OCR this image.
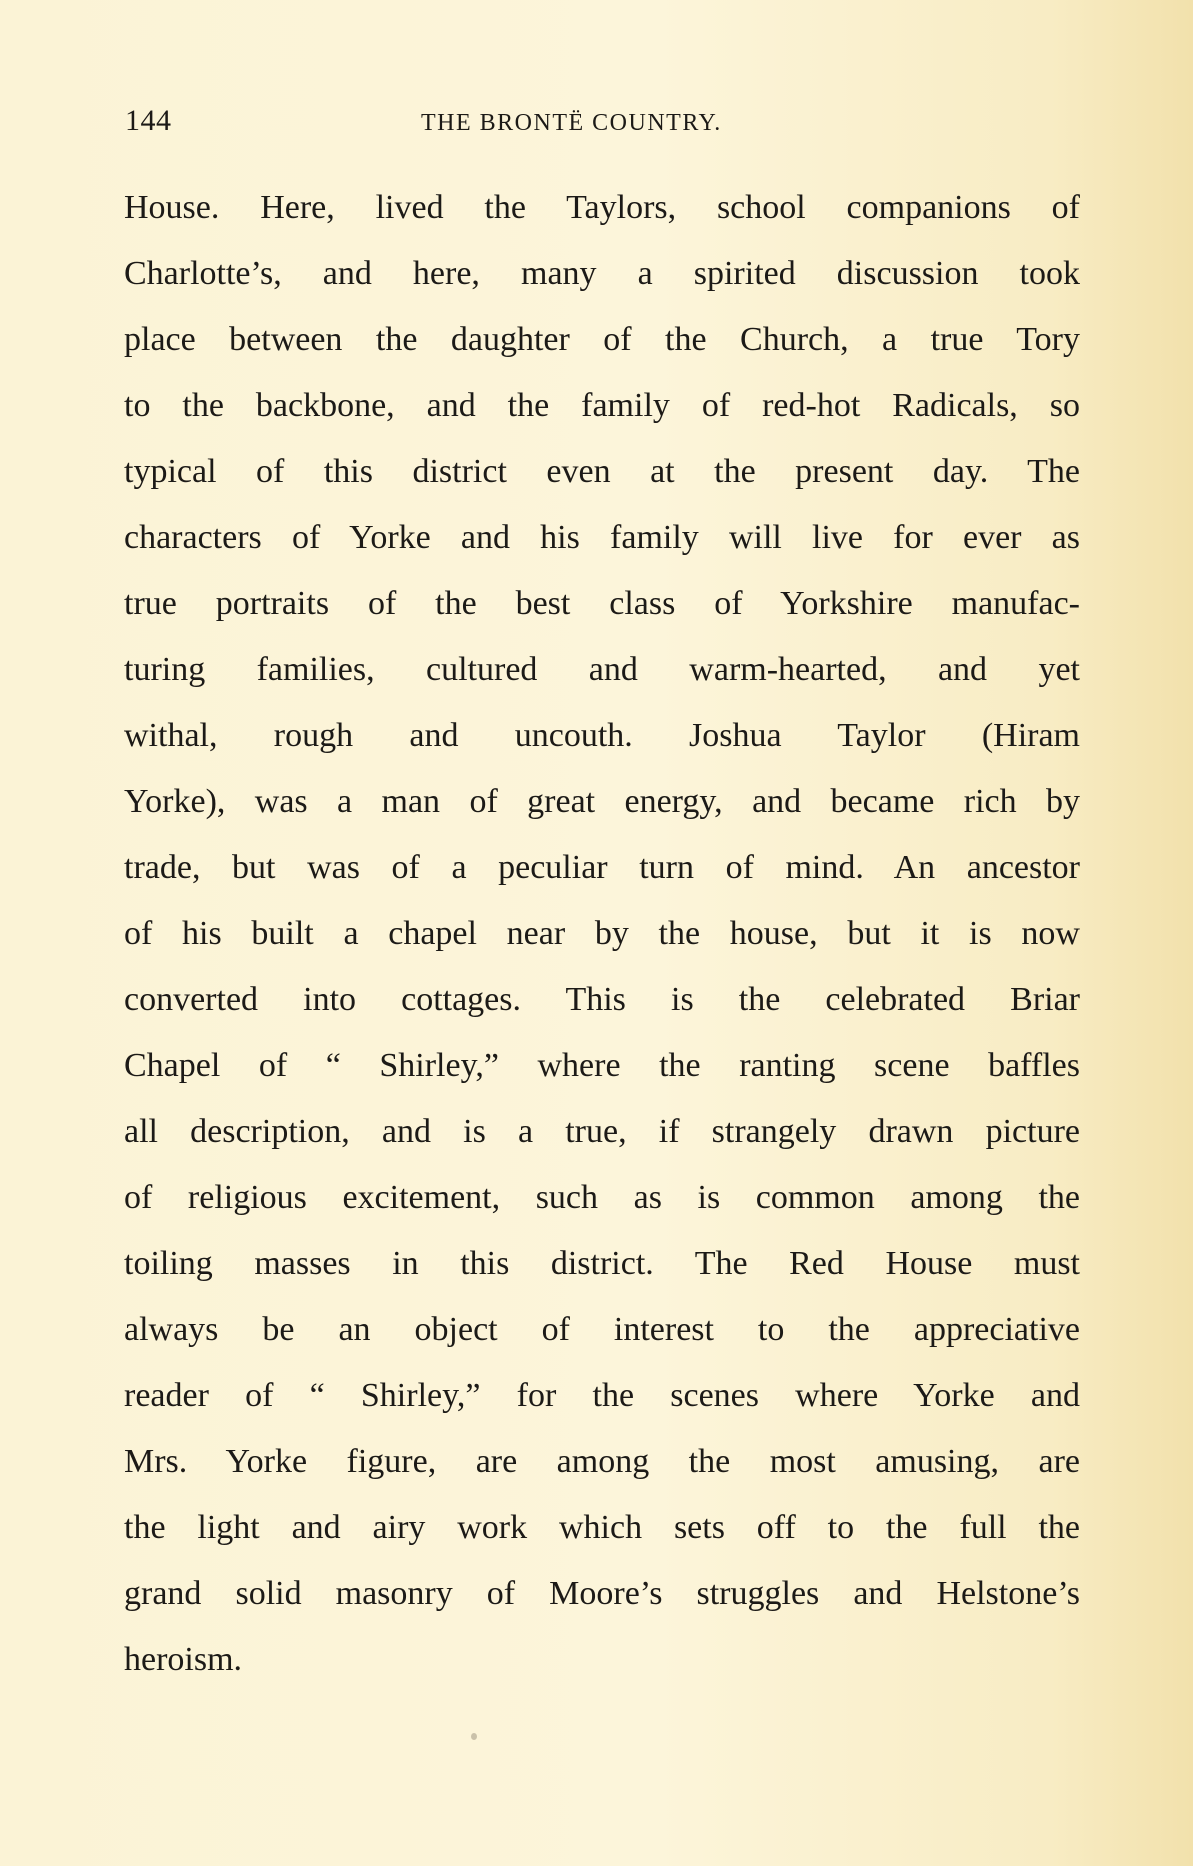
144	THE BRONTË COUNTRY.
House. Here, lived the Taylors, school companions of
Charlotte’s, and here, many a spirited discussion took
place between the daughter of the Church, a true Tory
to the backbone, and the family of red-hot Radicals, so
typical of this district even at the present day. The
characters of Yorke and his family will live for ever as
true portraits of the best class of Yorkshire manufac-
turing families, cultured and warm-hearted, and yet
withal, rough and uncouth. Joshua Taylor (Hiram
Yorke), was a man of great energy, and became rich by
trade, but was of a peculiar turn of mind. An ancestor
of his built a chapel near by the house, but it is now
converted into cottages. This is the celebrated Briar
Chapel of “ Shirley,” where the ranting scene baffles
all description, and is a true, if strangely drawn picture
of religious excitement, such as is common among the
toiling masses in this district. The Red House must
always be an object of interest to the appreciative
reader of “ Shirley,” for the scenes where Yorke and
Mrs. Yorke figure, are among the most amusing, are
the light and airy work which sets off to the full the
grand solid masonry of Moore’s struggles and Helstone’s
heroism.
